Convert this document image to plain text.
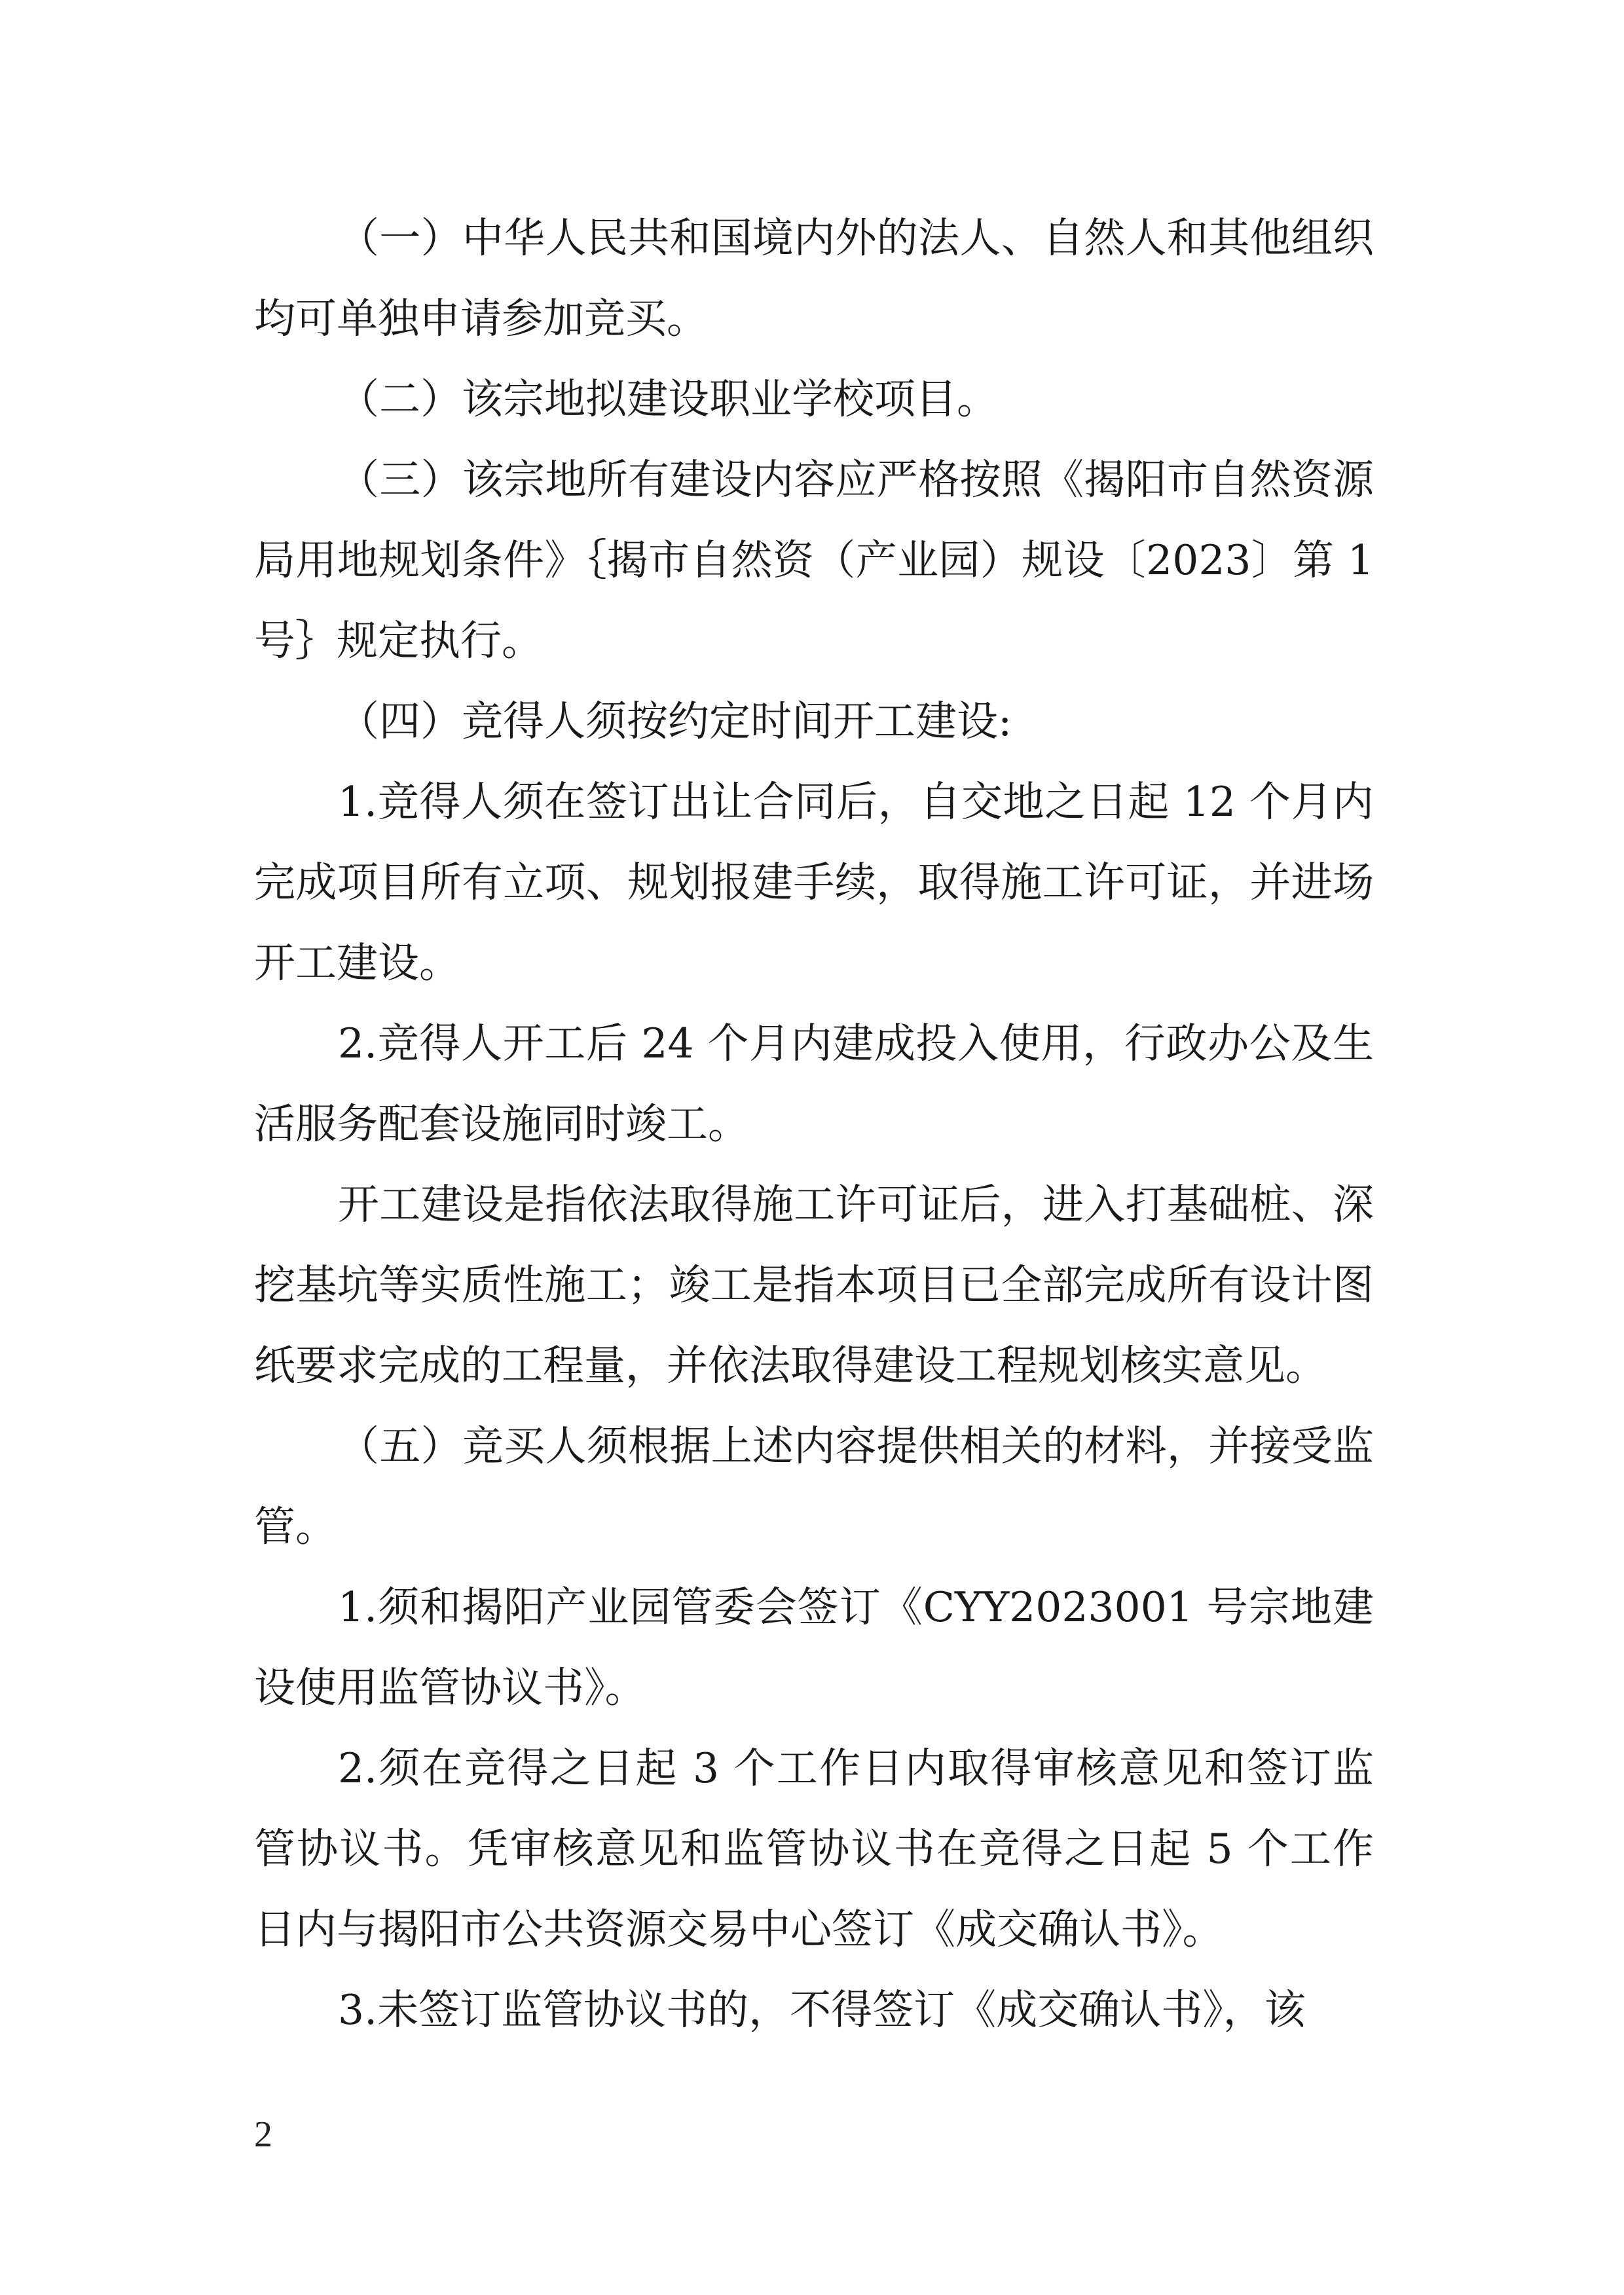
（一）中华人民共和国境内外的法人、自然人和其他组织均可单独申请参加竞买。

（二）该宗地拟建设职业学校项目。

（三）该宗地所有建设内容应严格按照《揭阳市自然资源局用地规划条件》｛揭市自然资（产业园）规设〔2023〕第 1 号｝规定执行。

（四）竞得人须按约定时间开工建设:

1.竞得人须在签订出让合同后，自交地之日起 12 个月内完成项目所有立项、规划报建手续，取得施工许可证，并进场开工建设。

2.竞得人开工后 24 个月内建成投入使用，行政办公及生活服务配套设施同时竣工。

开工建设是指依法取得施工许可证后，进入打基础桩、深挖基坑等实质性施工；竣工是指本项目已全部完成所有设计图纸要求完成的工程量，并依法取得建设工程规划核实意见。

（五）竞买人须根据上述内容提供相关的材料，并接受监管。

1.须和揭阳产业园管委会签订《CYY2023001 号宗地建设使用监管协议书》。

2.须在竞得之日起 3 个工作日内取得审核意见和签订监管协议书。凭审核意见和监管协议书在竞得之日起 5 个工作日内与揭阳市公共资源交易中心签订《成交确认书》。

3.未签订监管协议书的，不得签订《成交确认书》，该

2
